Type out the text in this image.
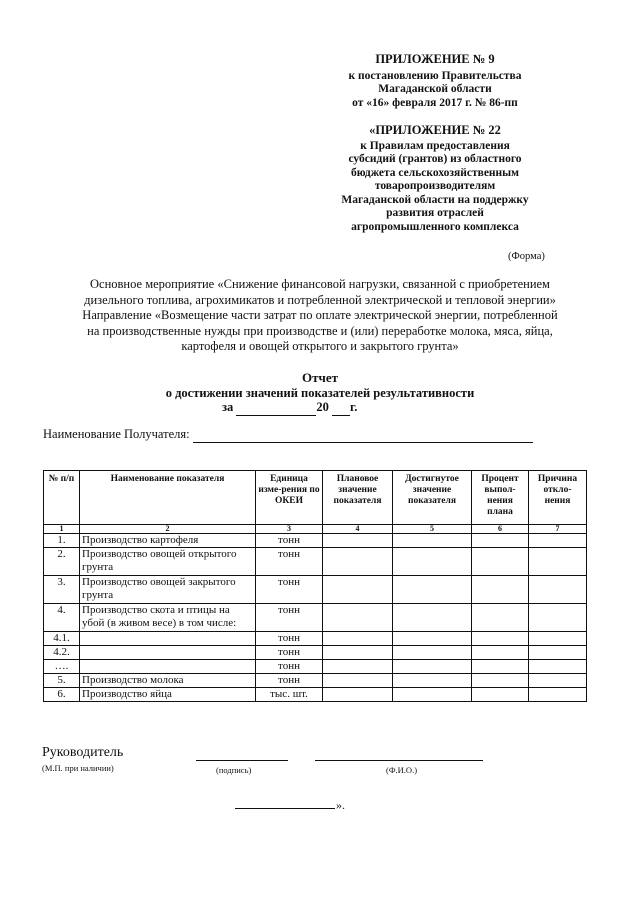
ПРИЛОЖЕНИЕ № 9
к постановлению Правительства
Магаданской области
от «16» февраля 2017 г. № 86-пп
«ПРИЛОЖЕНИЕ № 22
к Правилам предоставления
субсидий (грантов) из областного
бюджета сельскохозяйственным
товаропроизводителям
Магаданской области на поддержку
развития отраслей
агропромышленного комплекса
(Форма)
Основное мероприятие «Снижение финансовой нагрузки, связанной с приобретением
дизельного топлива, агрохимикатов и потребленной электрической и тепловой энергии»
Направление «Возмещение части затрат по оплате электрической энергии, потребленной
на производственные нужды при производстве и (или) переработке молока, мяса, яйца,
картофеля и овощей открытого и закрытого грунта»
Отчет
о достижении значений показателей результативности
за	20 г.
Наименование Получателя:
№ п/п	Наименование показателя	Единица изме-рения по ОКЕИ	Плановое значение показателя	Достигнутое значение показателя	Процент выпол-нения плана	Причина откло-нения
1	2	3	4	5	6	7
1.	Производство картофеля	тонн				
2.	Производство овощей открытого грунта	тонн				
3.	Производство овощей закрытого грунта	тонн				
4.	Производство скота и птицы на убой (в живом весе) в том числе:	тонн				
4.1.		тонн				
4.2.		тонн				
….		тонн				
5.	Производство молока	тонн				
6.	Производство яйца	тыс. шт.				
Руководитель
(М.П. при наличии)	(подпись)	(Ф.И.О.)
».
